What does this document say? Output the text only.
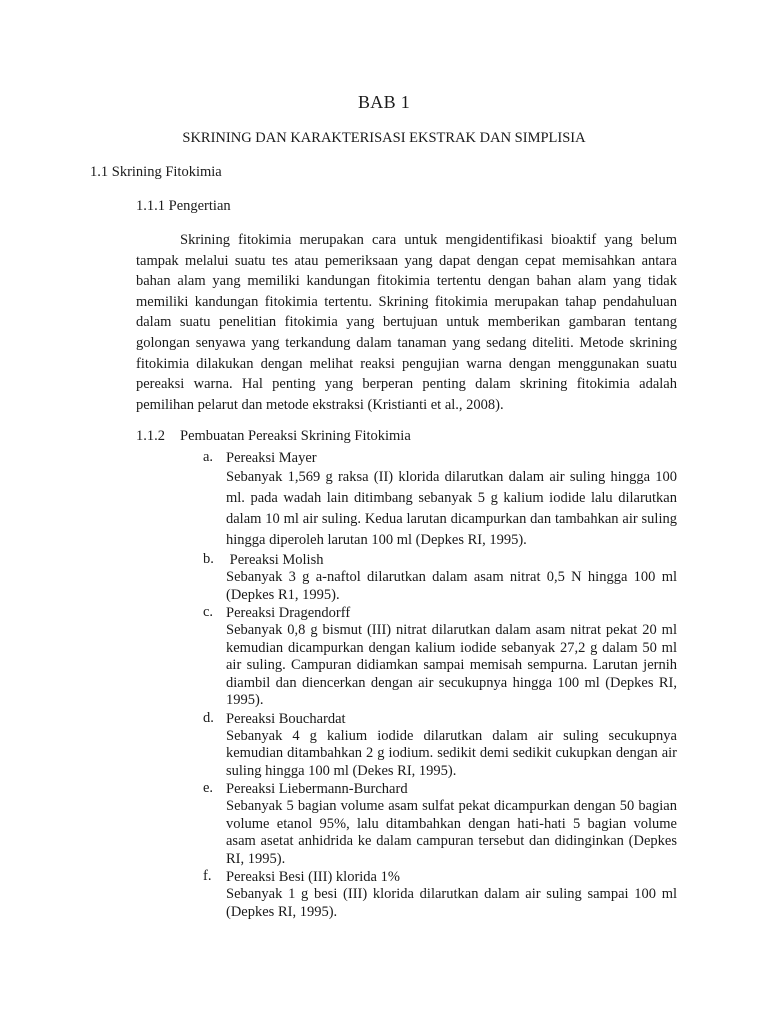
BAB 1
SKRINING DAN KARAKTERISASI EKSTRAK DAN SIMPLISIA
1.1 Skrining Fitokimia
1.1.1 Pengertian

Skrining fitokimia merupakan cara untuk mengidentifikasi bioaktif yang belum tampak melalui suatu tes atau pemeriksaan yang dapat dengan cepat memisahkan antara bahan alam yang memiliki kandungan fitokimia tertentu dengan bahan alam yang tidak memiliki kandungan fitokimia tertentu. Skrining fitokimia merupakan tahap pendahuluan dalam suatu penelitian fitokimia yang bertujuan untuk memberikan gambaran tentang golongan senyawa yang terkandung dalam tanaman yang sedang diteliti. Metode skrining fitokimia dilakukan dengan melihat reaksi pengujian warna dengan menggunakan suatu pereaksi warna. Hal penting yang berperan penting dalam skrining fitokimia adalah pemilihan pelarut dan metode ekstraksi (Kristianti et al., 2008).

1.1.2 Pembuatan Pereaksi Skrining Fitokimia
a. Pereaksi Mayer
Sebanyak 1,569 g raksa (II) klorida dilarutkan dalam air suling hingga 100 ml. pada wadah lain ditimbang sebanyak 5 g kalium iodide lalu dilarutkan dalam 10 ml air suling. Kedua larutan dicampurkan dan tambahkan air suling hingga diperoleh larutan 100 ml (Depkes RI, 1995).
b. Pereaksi Molish
Sebanyak 3 g a-naftol dilarutkan dalam asam nitrat 0,5 N hingga 100 ml (Depkes R1, 1995).
c. Pereaksi Dragendorff
Sebanyak 0,8 g bismut (III) nitrat dilarutkan dalam asam nitrat pekat 20 ml kemudian dicampurkan dengan kalium iodide sebanyak 27,2 g dalam 50 ml air suling. Campuran didiamkan sampai memisah sempurna. Larutan jernih diambil dan diencerkan dengan air secukupnya hingga 100 ml (Depkes RI, 1995).
d. Pereaksi Bouchardat
Sebanyak 4 g kalium iodide dilarutkan dalam air suling secukupnya kemudian ditambahkan 2 g iodium. sedikit demi sedikit cukupkan dengan air suling hingga 100 ml (Dekes RI, 1995).
e. Pereaksi Liebermann-Burchard
Sebanyak 5 bagian volume asam sulfat pekat dicampurkan dengan 50 bagian volume etanol 95%, lalu ditambahkan dengan hati-hati 5 bagian volume asam asetat anhidrida ke dalam campuran tersebut dan didinginkan (Depkes RI, 1995).
f. Pereaksi Besi (III) klorida 1%
Sebanyak 1 g besi (III) klorida dilarutkan dalam air suling sampai 100 ml (Depkes RI, 1995).
